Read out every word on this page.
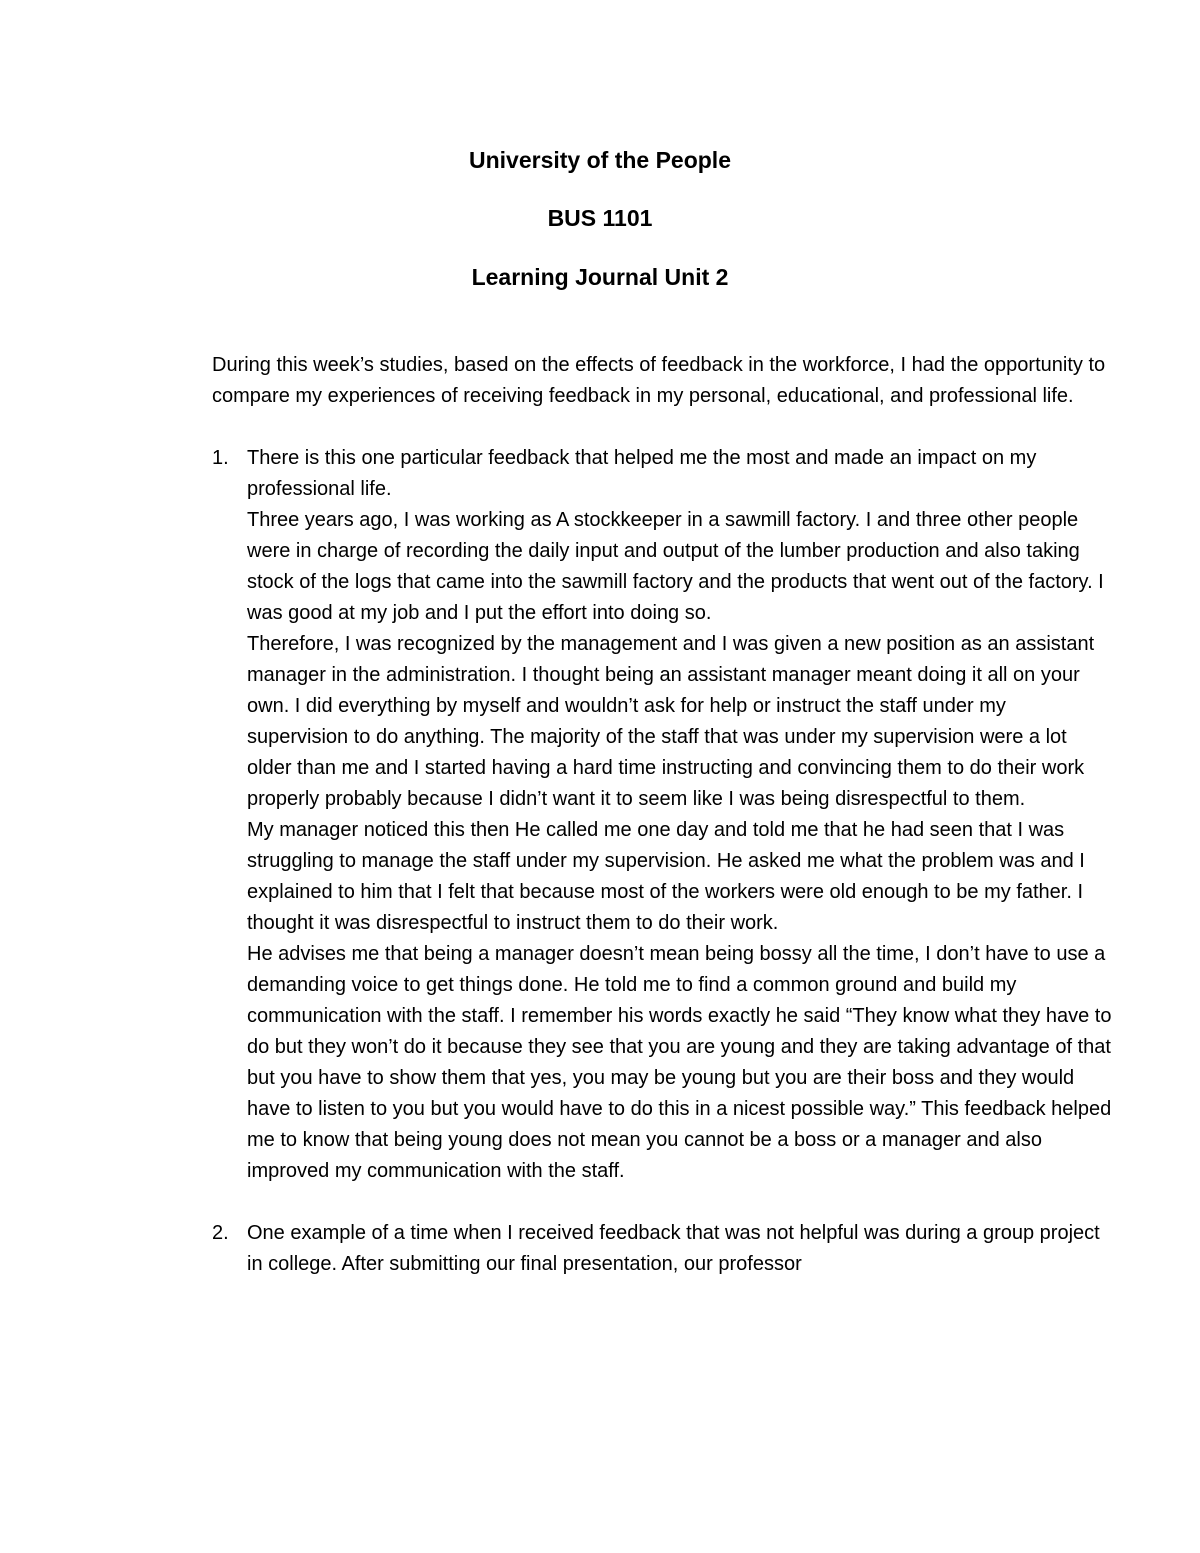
University of the People

BUS 1101

Learning Journal Unit 2

During this week’s studies, based on the effects of feedback in the workforce, I had the opportunity to compare my experiences of receiving feedback in my personal, educational, and professional life.

1. There is this one particular feedback that helped me the most and made an impact on my professional life.

Three years ago, I was working as A stockkeeper in a sawmill factory. I and three other people were in charge of recording the daily input and output of the lumber production and also taking stock of the logs that came into the sawmill factory and the products that went out of the factory. I was good at my job and I put the effort into doing so.

Therefore, I was recognized by the management and I was given a new position as an assistant manager in the administration. I thought being an assistant manager meant doing it all on your own. I did everything by myself and wouldn’t ask for help or instruct the staff under my supervision to do anything. The majority of the staff that was under my supervision were a lot older than me and I started having a hard time instructing and convincing them to do their work properly probably because I didn’t want it to seem like I was being disrespectful to them.

My manager noticed this then He called me one day and told me that he had seen that I was struggling to manage the staff under my supervision. He asked me what the problem was and I explained to him that I felt that because most of the workers were old enough to be my father. I thought it was disrespectful to instruct them to do their work.

He advises me that being a manager doesn’t mean being bossy all the time, I don’t have to use a demanding voice to get things done. He told me to find a common ground and build my communication with the staff. I remember his words exactly he said “They know what they have to do but they won’t do it because they see that you are young and they are taking advantage of that but you have to show them that yes, you may be young but you are their boss and they would have to listen to you but you would have to do this in a nicest possible way.” This feedback helped me to know that being young does not mean you cannot be a boss or a manager and also improved my communication with the staff.

2. One example of a time when I received feedback that was not helpful was during a group project in college. After submitting our final presentation, our professor
